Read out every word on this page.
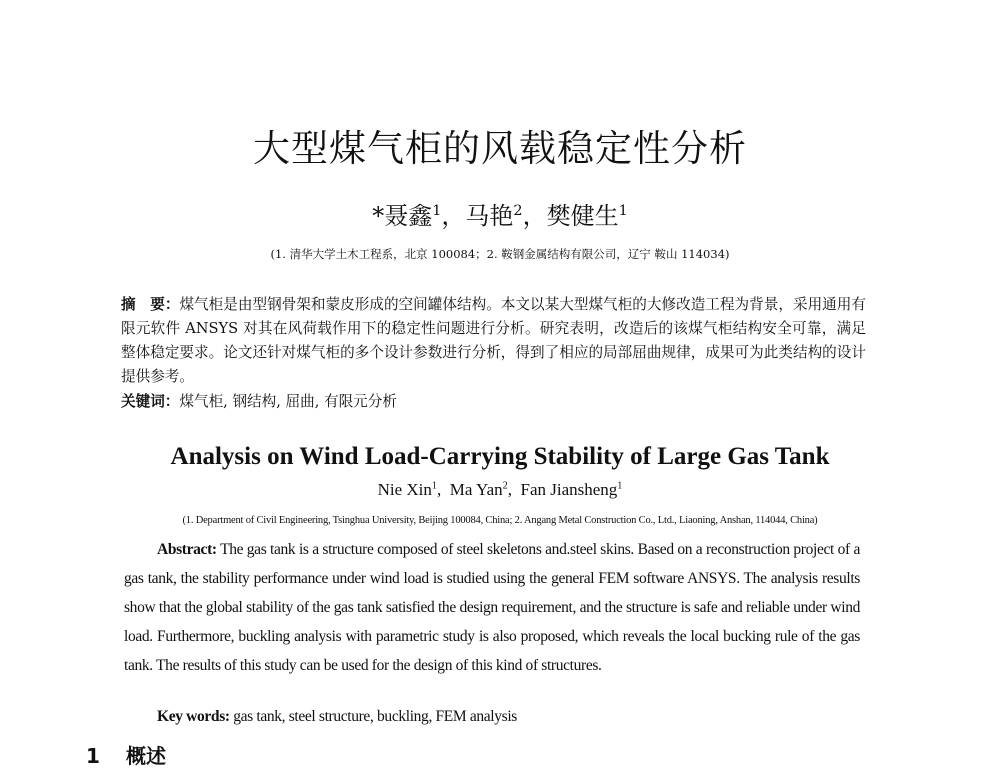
大型煤气柜的风载稳定性分析

*聂鑫$^1$，马艳$^2$，樊健生$^1$

(1. 清华大学土木工程系，北京 100084；2. 鞍钢金属结构有限公司，辽宁 鞍山 114034)

摘　要：煤气柜是由型钢骨架和蒙皮形成的空间罐体结构。本文以某大型煤气柜的大修改造工程为背景，采用通用有限元软件 ANSYS 对其在风荷载作用下的稳定性问题进行分析。研究表明，改造后的该煤气柜结构安全可靠，满足整体稳定要求。论文还针对煤气柜的多个设计参数进行分析，得到了相应的局部屈曲规律，成果可为此类结构的设计提供参考。

关键词：煤气柜, 钢结构, 屈曲, 有限元分析

Analysis on Wind Load-Carrying Stability of Large Gas Tank

Nie Xin$^1$,  Ma Yan$^2$,  Fan Jiansheng$^1$

(1. Department of Civil Engineering, Tsinghua University, Beijing 100084, China; 2. Angang Metal Construction Co., Ltd., Liaoning, Anshan, 114044, China)

Abstract: The gas tank is a structure composed of steel skeletons and.steel skins. Based on a reconstruction project of a gas tank, the stability performance under wind load is studied using the general FEM software ANSYS. The analysis results show that the global stability of the gas tank satisfied the design requirement, and the structure is safe and reliable under wind load. Furthermore, buckling analysis with parametric study is also proposed, which reveals the local bucking rule of the gas tank. The results of this study can be used for the design of this kind of structures.

Key words: gas tank, steel structure, buckling, FEM analysis

1 概述
